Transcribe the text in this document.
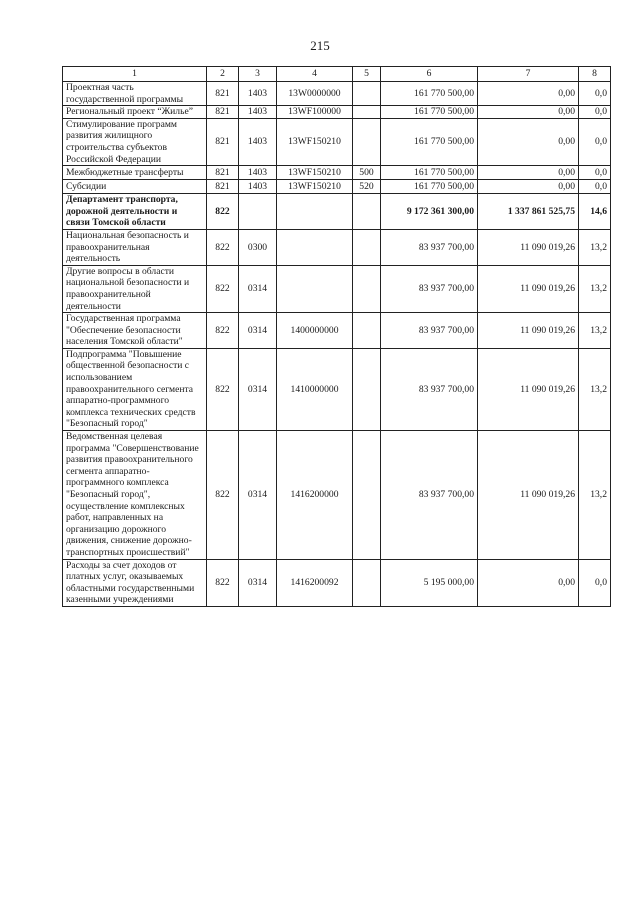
215
1	2	3	4	5	6	7	8
Проектная часть государственной программы	821	1403	13W0000000		161 770 500,00	0,00	0,0
Региональный проект “Жилье”	821	1403	13WF100000		161 770 500,00	0,00	0,0
Стимулирование программ развития жилищного строительства субъектов Российской Федерации	821	1403	13WF150210		161 770 500,00	0,00	0,0
Межбюджетные трансферты	821	1403	13WF150210	500	161 770 500,00	0,00	0,0
Субсидии	821	1403	13WF150210	520	161 770 500,00	0,00	0,0
Департамент транспорта, дорожной деятельности и связи Томской области	822				9 172 361 300,00	1 337 861 525,75	14,6
Национальная безопасность и правоохранительная деятельность	822	0300			83 937 700,00	11 090 019,26	13,2
Другие вопросы в области национальной безопасности и правоохранительной деятельности	822	0314			83 937 700,00	11 090 019,26	13,2
Государственная программа "Обеспечение безопасности населения Томской области"	822	0314	1400000000		83 937 700,00	11 090 019,26	13,2
Подпрограмма "Повышение общественной безопасности с использованием правоохранительного сегмента аппаратно-программного комплекса технических средств "Безопасный город"	822	0314	1410000000		83 937 700,00	11 090 019,26	13,2
Ведомственная целевая программа "Совершенствование развития правоохранительного сегмента аппаратно-программного комплекса "Безопасный город", осуществление комплексных работ, направленных на организацию дорожного движения, снижение дорожно-транспортных происшествий"	822	0314	1416200000		83 937 700,00	11 090 019,26	13,2
Расходы за счет доходов от платных услуг, оказываемых областными государственными казенными учреждениями	822	0314	1416200092		5 195 000,00	0,00	0,0
